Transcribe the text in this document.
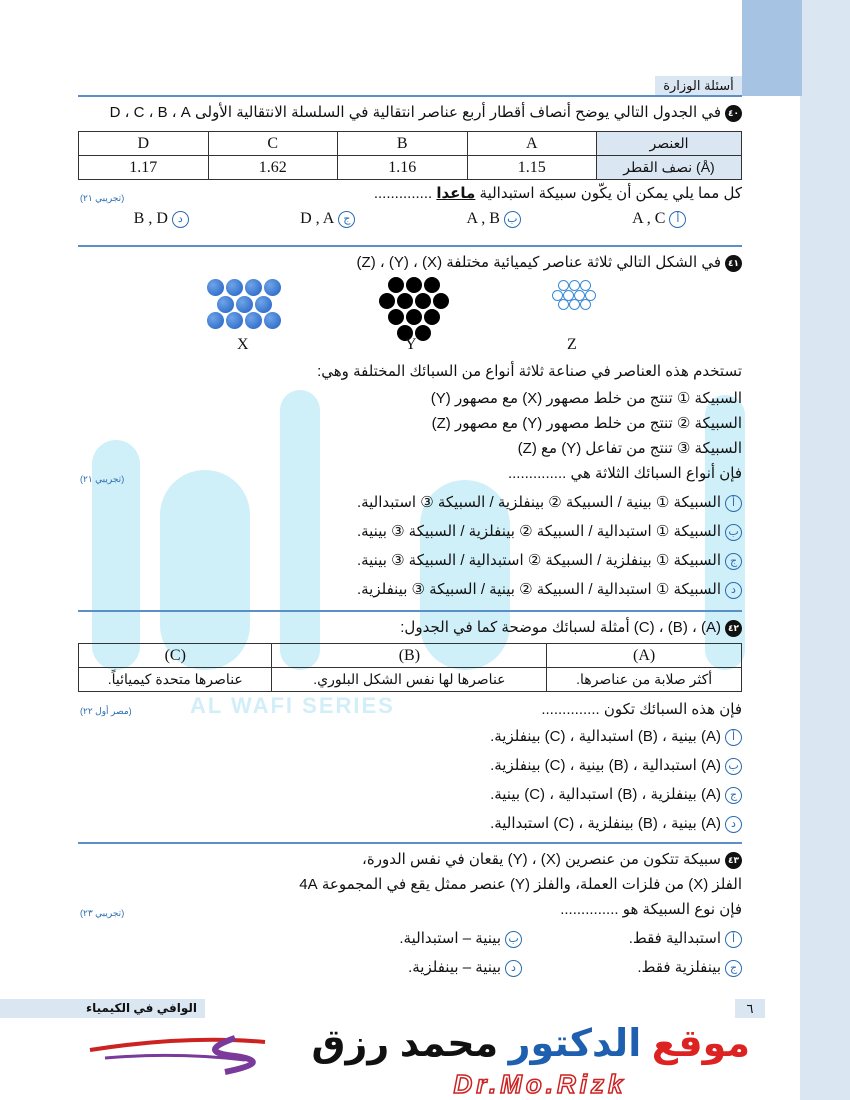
أسئلة الوزارة
AL WAFI SERIES
٤٠في الجدول التالي يوضح أنصاف أقطار أربع عناصر انتقالية في السلسلة الانتقالية الأولى D ، C ، B ، A
D	C	B	A	العنصر
1.17	1.62	1.16	1.15	نصف القطر (Å)
كل مما يلي يمكن أن يكّون سبيكة استبدالية ماعدا ..............
(تجريبي ٢١)
أA , C
بA , B
جD , A
دB , D
٤١في الشكل التالي ثلاثة عناصر كيميائية مختلفة (X) ، (Y) ، (Z)
X	Y	Z
تستخدم هذه العناصر في صناعة ثلاثة أنواع من السبائك المختلفة وهي:
السبيكة ① تنتج من خلط مصهور (X) مع مصهور (Y)
السبيكة ② تنتج من خلط مصهور (Y) مع مصهور (Z)
السبيكة ③ تنتج من تفاعل (Y) مع (Z)
فإن أنواع السبائك الثلاثة هي ..............
(تجريبي ٢١)
أالسبيكة ① بينية / السبيكة ② بينفلزية / السبيكة ③ استبدالية.
بالسبيكة ① استبدالية / السبيكة ② بينفلزية / السبيكة ③ بينية.
جالسبيكة ① بينفلزية / السبيكة ② استبدالية / السبيكة ③ بينية.
دالسبيكة ① استبدالية / السبيكة ② بينية / السبيكة ③ بينفلزية.
٤٢(A) ، (B) ، (C) أمثلة لسبائك موضحة كما في الجدول:
(A)	(B)	(C)
أكثر صلابة من عناصرها.	عناصرها لها نفس الشكل البلوري.	عناصرها متحدة كيميائياً.
فإن هذه السبائك تكون ..............
(مصر أول ٢٢)
أ(A) بينية ، (B) استبدالية ، (C) بينفلزية.
ب(A) استبدالية ، (B) بينية ، (C) بينفلزية.
ج(A) بينفلزية ، (B) استبدالية ، (C) بينية.
د(A) بينية ، (B) بينفلزية ، (C) استبدالية.
٤٣سبيكة تتكون من عنصرين (X) ، (Y) يقعان في نفس الدورة،
الفلز (X) من فلزات العملة، والفلز (Y) عنصر ممثل يقع في المجموعة 4A
فإن نوع السبيكة هو ..............
(تجريبي ٢٣)
أاستبدالية فقط.
ببينية – استبدالية.
جبينفلزية فقط.
دبينية – بينفلزية.
٦
الوافي في الكيمياء
موقع الدكتور محمد رزق
Dr.Mo.Rizk
